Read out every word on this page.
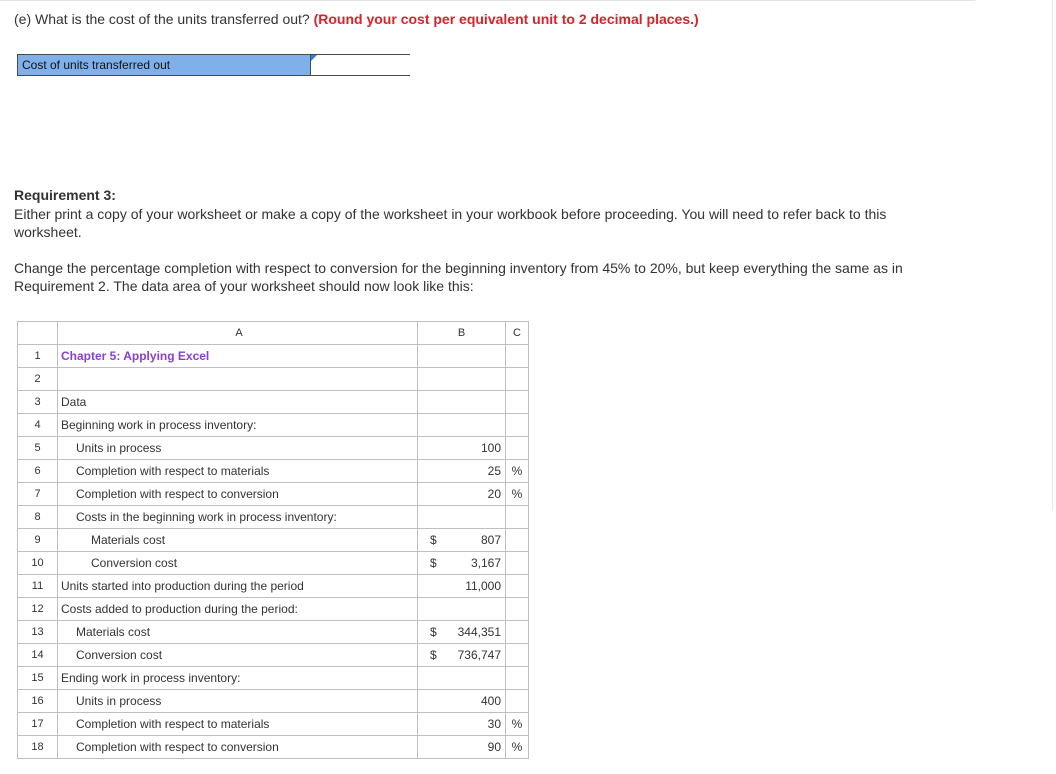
(e) What is the cost of the units transferred out? (Round your cost per equivalent unit to 2 decimal places.)
Cost of units transferred out
Requirement 3:
Either print a copy of your worksheet or make a copy of the worksheet in your workbook before proceeding. You will need to refer back to this worksheet.
Change the percentage completion with respect to conversion for the beginning inventory from 45% to 20%, but keep everything the same as in Requirement 2. The data area of your worksheet should now look like this:
	A	B	C
1	Chapter 5: Applying Excel		
2			
3	Data		
4	Beginning work in process inventory:		
5	Units in process	100	
6	Completion with respect to materials	25	%
7	Completion with respect to conversion	20	%
8	Costs in the beginning work in process inventory:		
9	Materials cost	$ 807	

10	Conversion cost	$ 3,167	

11	Units started into production during the period	11,000	
12	Costs added to production during the period:		
13	Materials cost	$ 344,351	

14	Conversion cost	$ 736,747	

15	Ending work in process inventory:		
16	Units in process	400	
17	Completion with respect to materials	30	%
18	Completion with respect to conversion	90	%
